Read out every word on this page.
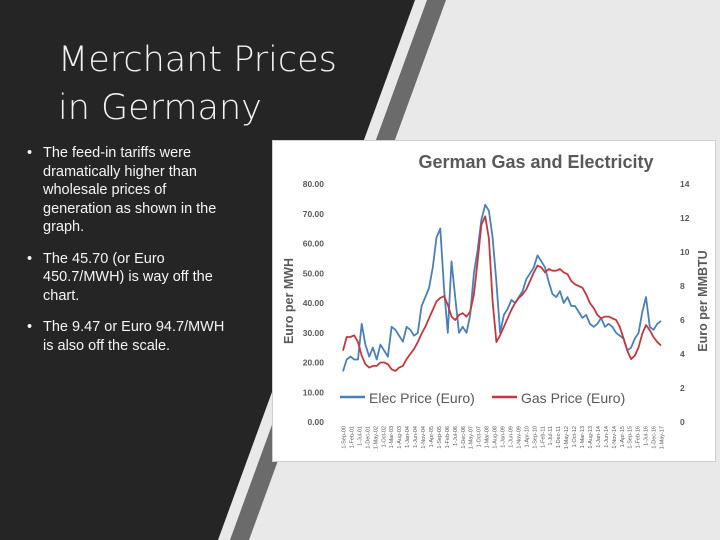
Merchant Prices
in Germany
• The feed-in tariffs were dramatically higher than wholesale prices of generation as shown in the graph.
• The 45.70 (or Euro 450.7/MWH) is way off the chart.
• The 9.47 or Euro 94.7/MWH is also off the scale.
German Gas and Electricity
Euro per MWH	Euro per MMBTU
0.00
10.00
20.00
30.00
40.00
50.00
60.00
70.00
80.00
0
2
4
6
8
10
12
14
1-Sep-00 1-Feb-01 1-Jul-01 1-Dec-01 1-May-02 1-Oct-02 1-Mar-03 1-Aug-03 1-Jan-04 1-Jun-04 1-Nov-04 1-Apr-05 1-Sep-05 1-Feb-06 1-Jul-06 1-Dec-06 1-May-07 1-Oct-07 1-Mar-08 1-Aug-08 1-Jan-09 1-Jun-09 1-Nov-09 1-Apr-10 1-Sep-10 1-Feb-11 1-Jul-11 1-Dec-11 1-May-12 1-Oct-12 1-Mar-13 1-Aug-13 1-Jan-14 1-Jun-14 1-Nov-14 1-Apr-15 1-Sep-15 1-Feb-16 1-Jul-16 1-Dec-16 1-May-17
Elec Price (Euro)	Gas Price (Euro)
